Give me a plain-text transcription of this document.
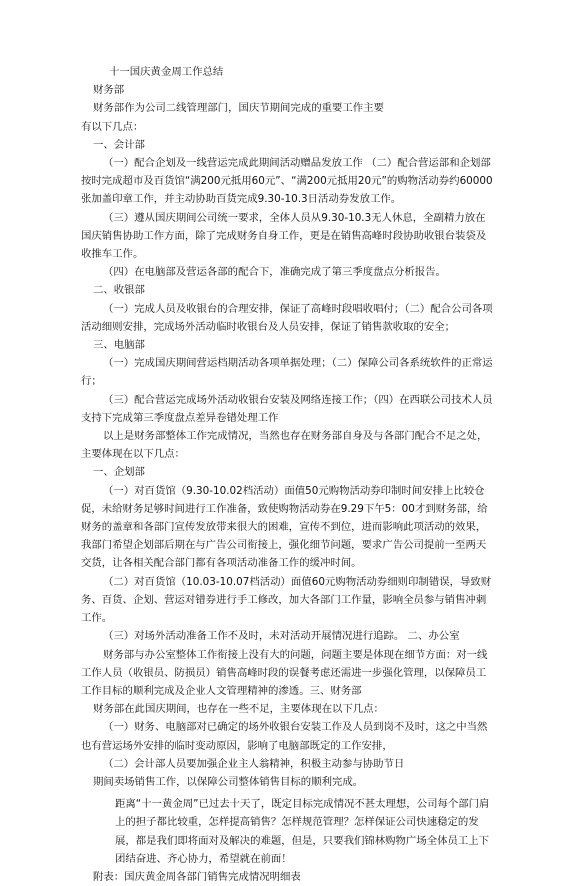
十一国庆黄金周工作总结

财务部

财务部作为公司二线管理部门，国庆节期间完成的重要工作主要

有以下几点：

一、会计部

（一）配合企划及一线营运完成此期间活动赠品发放工作 （二）配合营运部和企划部按时完成超市及百货馆“满200元抵用60元”、“满200元抵用20元”的购物活动券约60000张加盖印章工作，并主动协助百货完成9.30-10.3日活动券发放工作。

（三）遵从国庆期间公司统一要求，全体人员从9.30-10.3无人休息，全副精力放在国庆销售协助工作方面，除了完成财务自身工作，更是在销售高峰时段协助收银台装袋及收推车工作。

（四）在电脑部及营运各部的配合下，准确完成了第三季度盘点分析报告。

二、收银部

（一）完成人员及收银台的合理安排，保证了高峰时段唱收唱付；（二）配合公司各项活动细则安排，完成场外活动临时收银台及人员安排，保证了销售款收取的安全；

三、电脑部

（一）完成国庆期间营运档期活动各项单据处理；（二）保障公司各系统软件的正常运行；

（三）配合营运完成场外活动收银台安装及网络连接工作；（四）在西联公司技术人员支持下完成第三季度盘点差异卷错处理工作

以上是财务部整体工作完成情况，当然也存在财务部自身及与各部门配合不足之处，主要体现在以下几点：

一、企划部

（一）对百货馆（9.30-10.02档活动）面值50元购物活动券印制时间安排上比较仓促，未给财务足够时间进行工作准备，致使购物活动券在9.29下午5：00才到财务部，给财务的盖章和各部门宣传发放带来很大的困难，宣传不到位，进而影响此项活动的效果，我部门希望企划部后期在与广告公司衔接上，强化细节问题，要求广告公司提前一至两天交货，让各相关配合部门都有各项活动准备工作的缓冲时间。

（二）对百货馆（10.03-10.07档活动）面值60元购物活动券细则印制错误，导致财务、百货、企划、营运对错券进行手工修改，加大各部门工作量，影响全员参与销售冲刺工作。

（三）对场外活动准备工作不及时，未对活动开展情况进行追踪。 二、办公室

财务部与办公室整体工作衔接上没有大的问题，问题主要是体现在细节方面：对一线工作人员（收银员、防损员）销售高峰时段的误餐考虑还需进一步强化管理，以保障员工工作目标的顺利完成及企业人文管理精神的渗透。三、财务部

财务部在此国庆期间，也存在一些不足，主要体现在以下几点：

（一）财务、电脑部对已确定的场外收银台安装工作及人员到岗不及时，这之中当然也有营运场外安排的临时变动原因，影响了电脑部既定的工作安排，

（二）会计部人员要加强企业主人翁精神，积极主动参与协助节日

期间卖场销售工作，以保障公司整体销售目标的顺利完成。

距离“十一黄金周”已过去十天了，既定目标完成情况不甚太理想，公司每个部门肩上的担子都比较重，怎样提高销售？怎样规范管理？怎样保证公司快速稳定的发展，都是我们即将面对及解决的难题，但是，只要我们锦林购物广场全体员工上下团结奋进、齐心协力，希望就在前面！

附表：国庆黄金周各部门销售完成情况明细表
